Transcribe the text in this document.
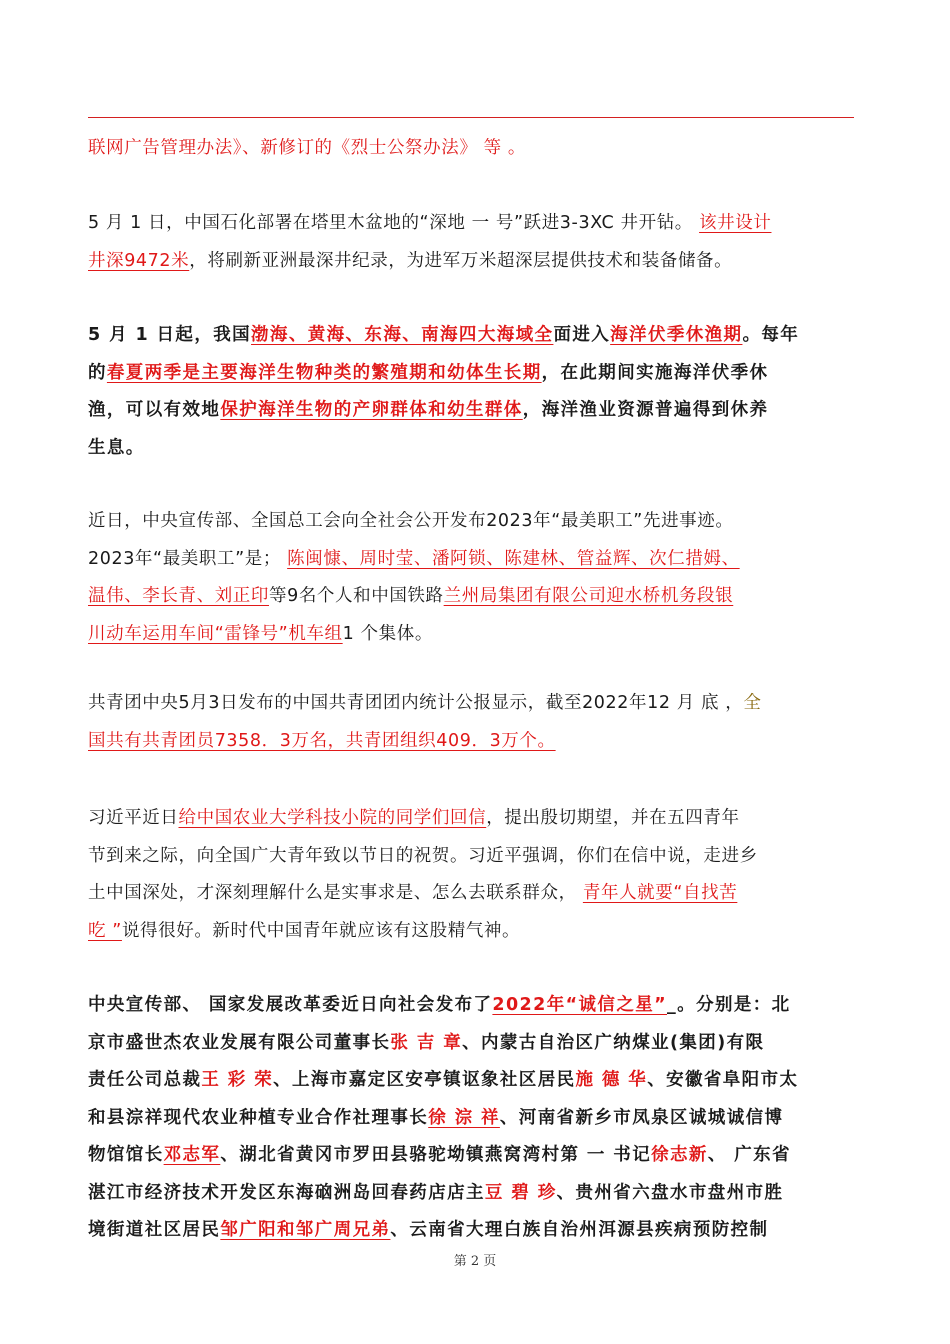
联网广告管理办法》、新修订的《烈士公祭办法》 等 。
5 月 1 日，中国石化部署在塔里木盆地的“深地 一 号”跃进3-3XC 井开钻。 该井设计
井深9472米，将刷新亚洲最深井纪录，为进军万米超深层提供技术和装备储备。
5 月 1 日起，我国渤海、黄海、东海、南海四大海域全面进入海洋伏季休渔期。每年
的春夏两季是主要海洋生物种类的繁殖期和幼体生长期，在此期间实施海洋伏季休
渔，可以有效地保护海洋生物的产卵群体和幼生群体，海洋渔业资源普遍得到休养
生息。
近日，中央宣传部、全国总工会向全社会公开发布2023年“最美职工”先进事迹。
2023年“最美职工”是； 陈闽慷、周时莹、潘阿锁、陈建林、管益辉、次仁措姆、
温伟、李长青、刘正印等9名个人和中国铁路兰州局集团有限公司迎水桥机务段银
川动车运用车间“雷锋号”机车组1 个集体。
共青团中央5月3日发布的中国共青团团内统计公报显示，截至2022年12 月 底 ，全
国共有共青团员7358．3万名，共青团组织409．3万个。
习近平近日给中国农业大学科技小院的同学们回信，提出殷切期望，并在五四青年
节到来之际，向全国广大青年致以节日的祝贺。习近平强调，你们在信中说，走进乡
土中国深处，才深刻理解什么是实事求是、怎么去联系群众， 青年人就要“自找苦
吃 ”说得很好。新时代中国青年就应该有这股精气神。
中央宣传部、 国家发展改革委近日向社会发布了2022年“诚信之星”_。分别是：北
京市盛世杰农业发展有限公司董事长张 吉 章、内蒙古自治区广纳煤业(集团)有限
责任公司总裁王 彩 荣、上海市嘉定区安亭镇讴象社区居民施 德 华、安徽省阜阳市太
和县淙祥现代农业种植专业合作社理事长徐 淙 祥、河南省新乡市凤泉区诚城诚信博
物馆馆长邓志军、湖北省黄冈市罗田县骆驼坳镇燕窝湾村第 一 书记徐志新、 广东省
湛江市经济技术开发区东海硇洲岛回春药店店主豆 碧 珍、贵州省六盘水市盘州市胜
境街道社区居民邹广阳和邹广周兄弟、云南省大理白族自治州洱源县疾病预防控制
第 2 页
